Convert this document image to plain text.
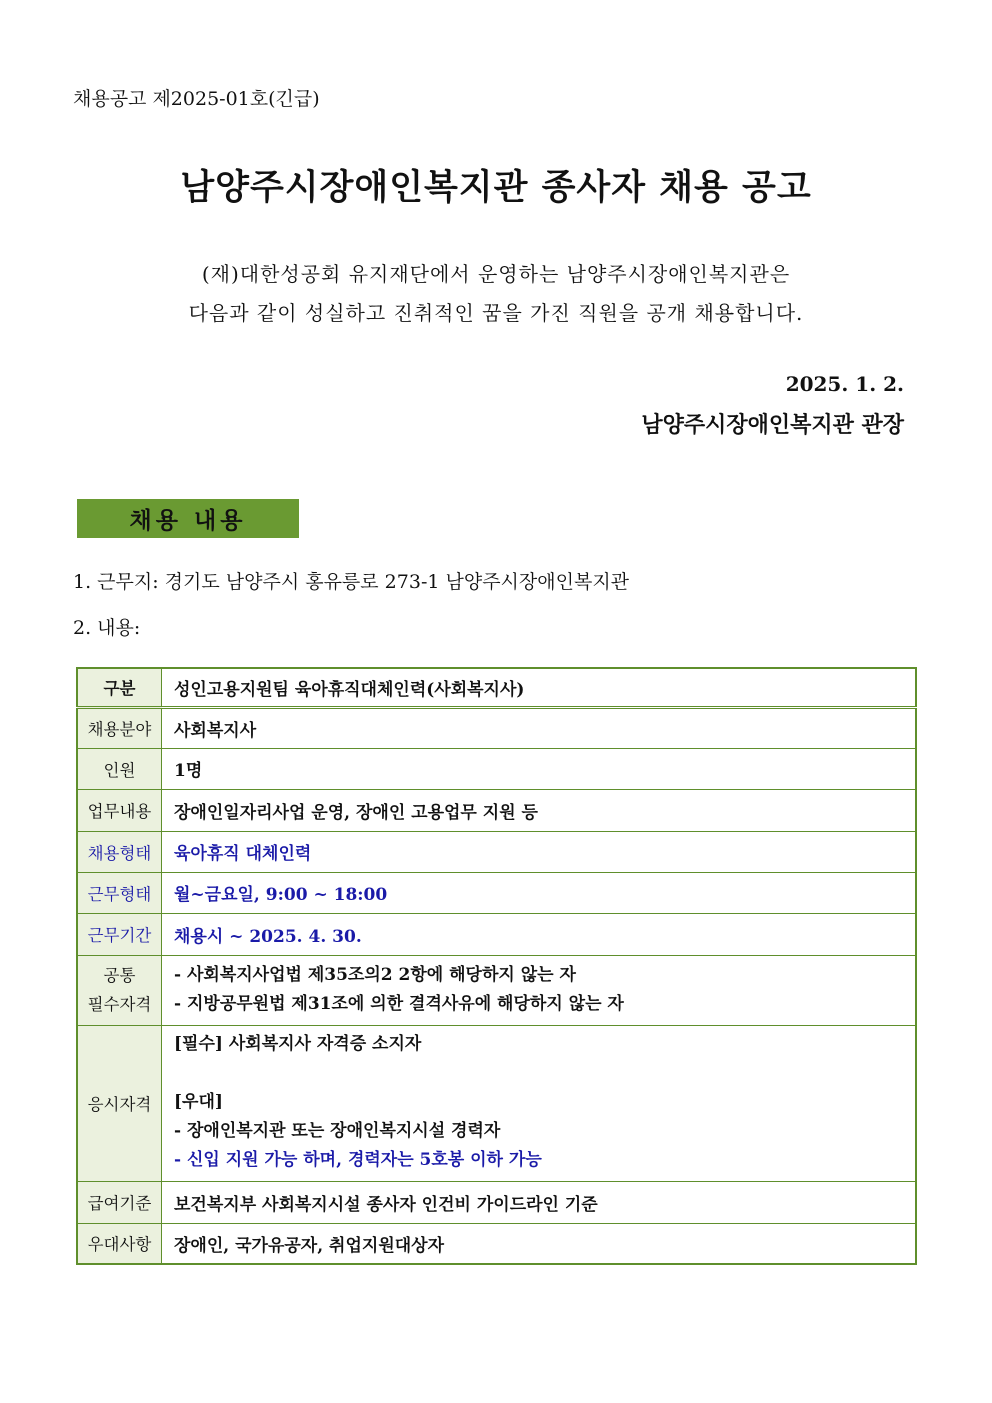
채용공고 제2025-01호(긴급)
남양주시장애인복지관 종사자 채용 공고
(재)대한성공회 유지재단에서 운영하는 남양주시장애인복지관은
다음과 같이 성실하고 진취적인 꿈을 가진 직원을 공개 채용합니다.
2025. 1. 2.
남양주시장애인복지관 관장
채용 내용
1. 근무지: 경기도 남양주시 홍유릉로 273-1 남양주시장애인복지관
2. 내용:
구분	성인고용지원팀 육아휴직대체인력(사회복지사)
채용분야	사회복지사
인원	1명
업무내용	장애인일자리사업 운영, 장애인 고용업무 지원 등
채용형태	육아휴직 대체인력
근무형태	월~금요일, 9:00 ~ 18:00
근무기간	채용시 ~ 2025. 4. 30.

공통
필수자격	- 사회복지사업법 제35조의2 2항에 해당하지 않는 자
- 지방공무원법 제31조에 의한 결격사유에 해당하지 않는 자

응시자격	[필수] 사회복지사 자격증 소지자

[우대]
- 장애인복지관 또는 장애인복지시설 경력자
- 신입 지원 가능 하며, 경력자는 5호봉 이하 가능

급여기준	보건복지부 사회복지시설 종사자 인건비 가이드라인 기준
우대사항	장애인, 국가유공자, 취업지원대상자
